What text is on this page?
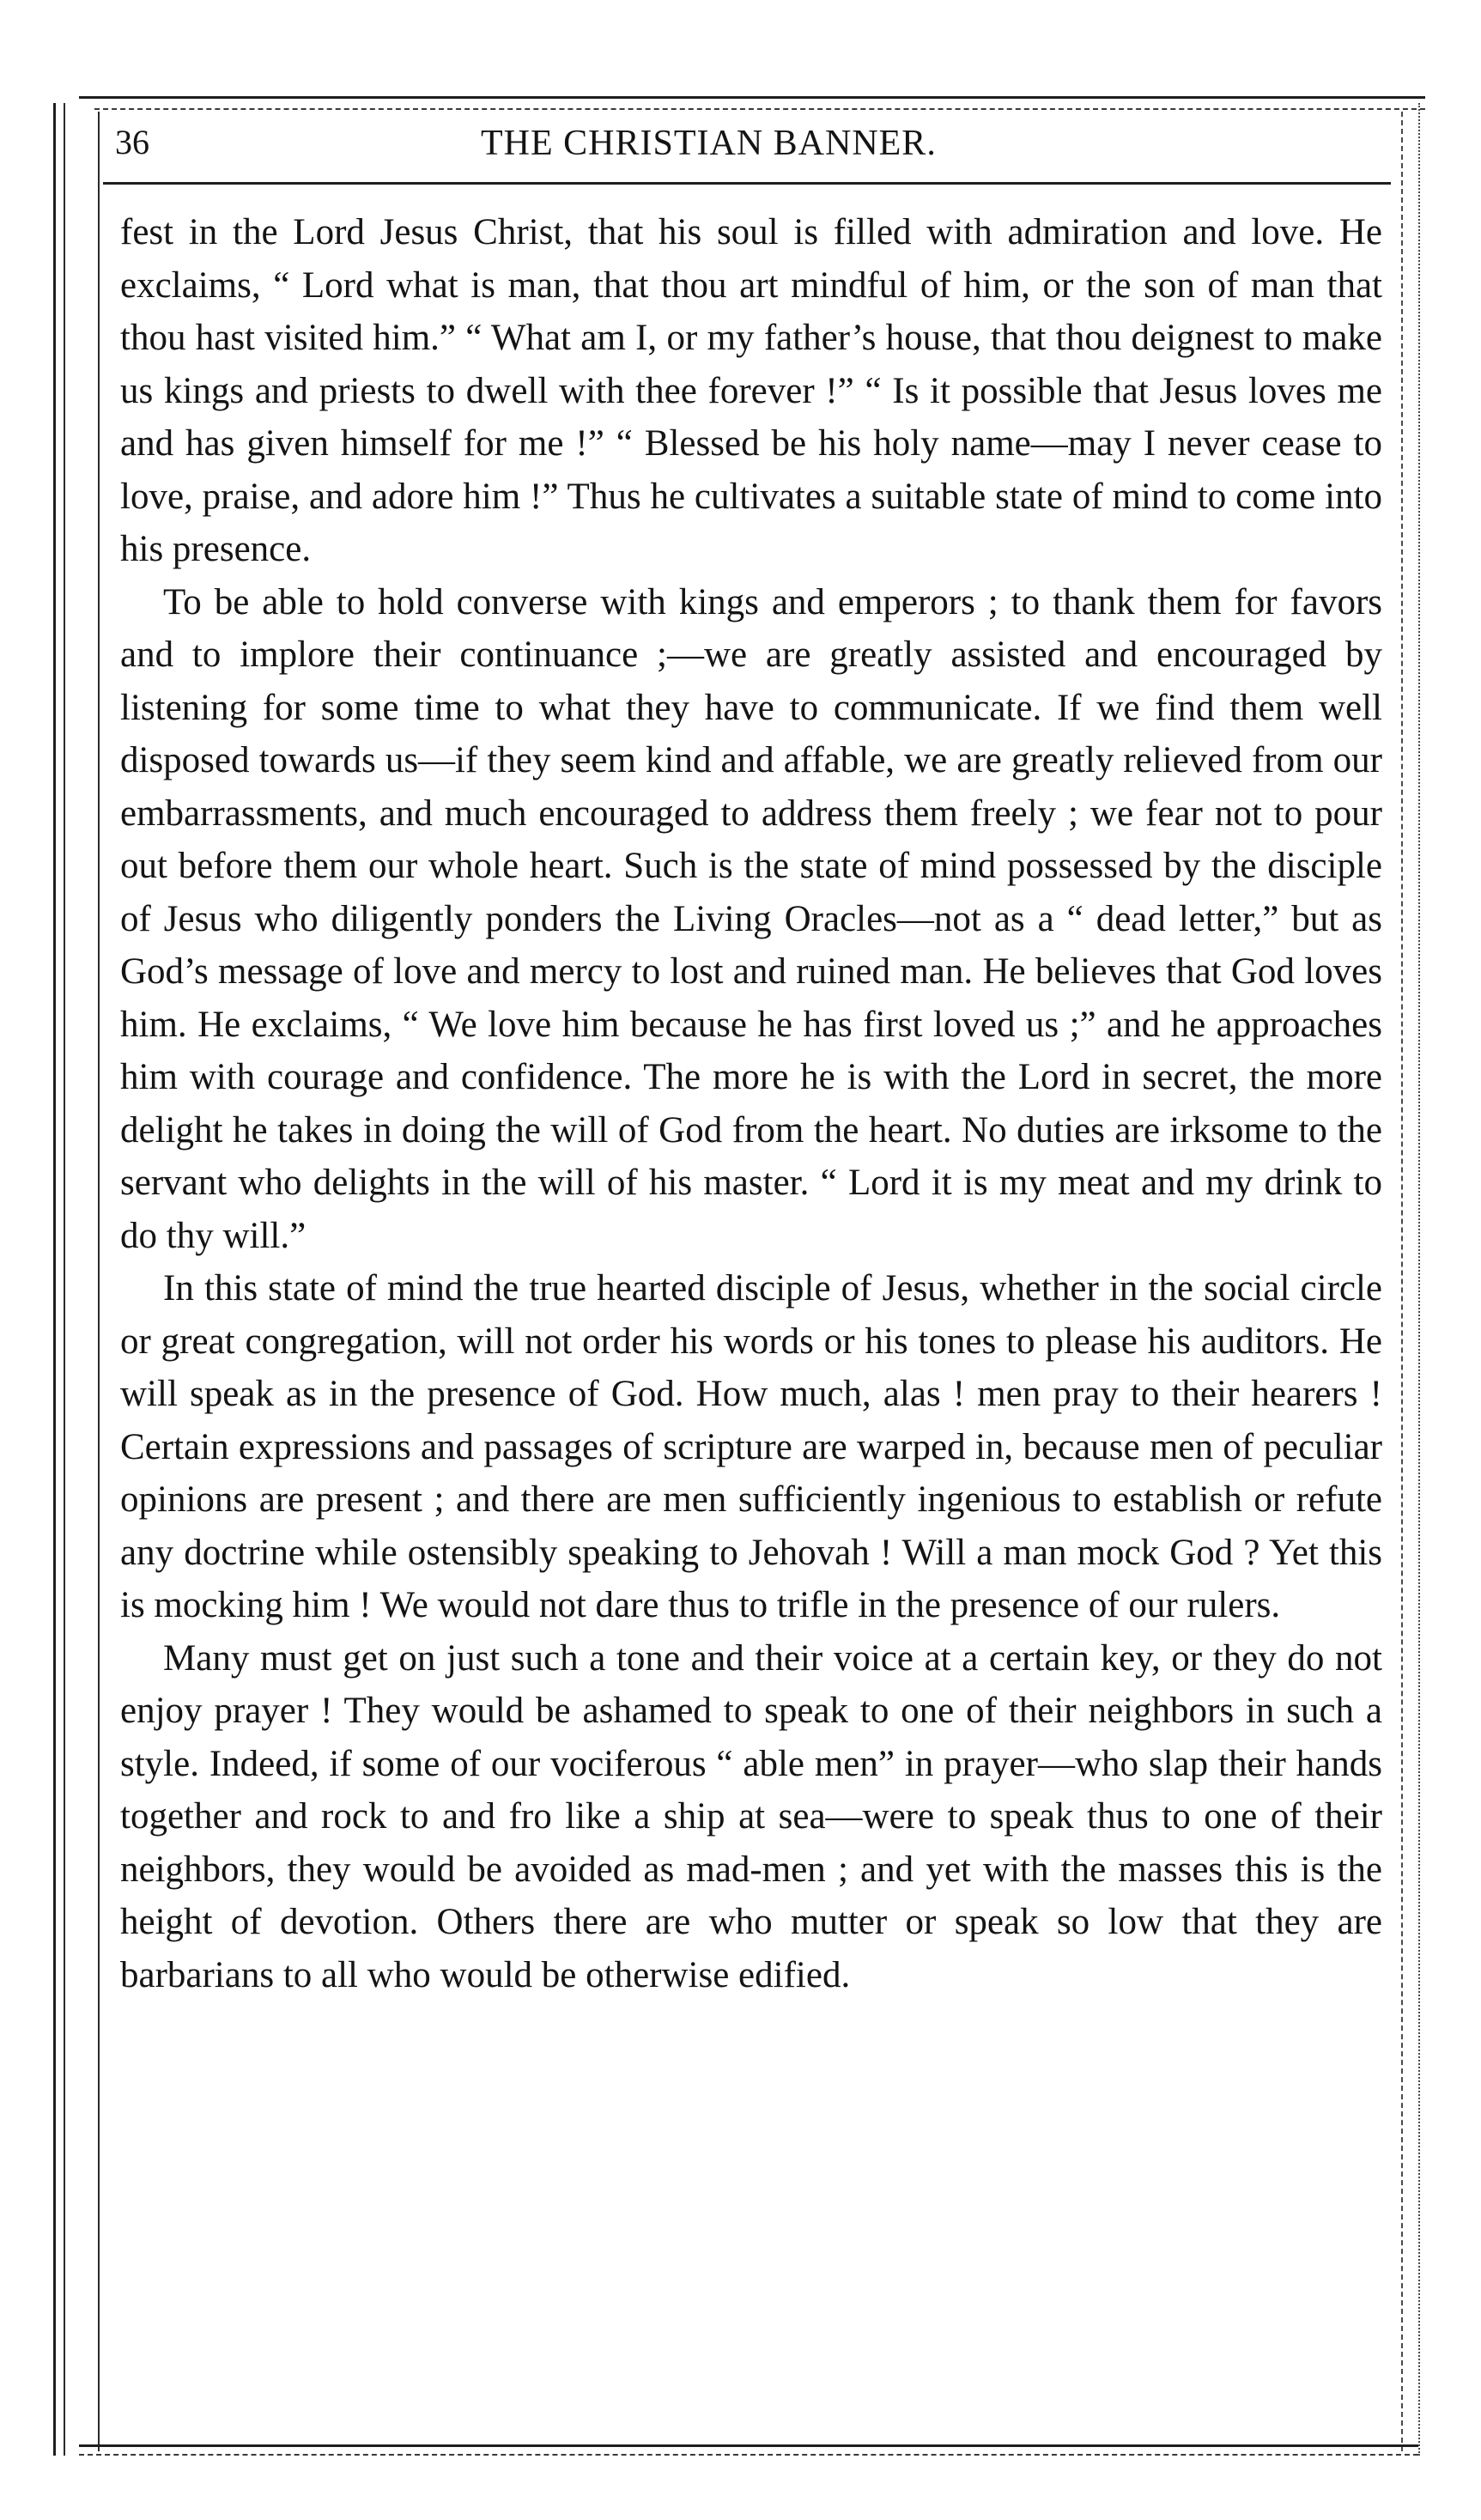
36	THE CHRISTIAN BANNER.

fest in the Lord Jesus Christ, that his soul is filled with admiration and love. He exclaims, “ Lord what is man, that thou art mindful of him, or the son of man that thou hast visited him.” “ What am I, or my father’s house, that thou deignest to make us kings and priests to dwell with thee forever !” “ Is it possible that Jesus loves me and has given himself for me !” “ Blessed be his holy name—may I never cease to love, praise, and adore him !” Thus he cultivates a suitable state of mind to come into his presence.

To be able to hold converse with kings and emperors ; to thank them for favors and to implore their continuance ;—we are greatly assisted and encouraged by listening for some time to what they have to communicate. If we find them well disposed towards us—if they seem kind and affable, we are greatly relieved from our embarrassments, and much encouraged to address them freely ; we fear not to pour out before them our whole heart. Such is the state of mind possessed by the disciple of Jesus who diligently ponders the Living Oracles—not as a “ dead letter,” but as God’s message of love and mercy to lost and ruined man. He believes that God loves him. He exclaims, “ We love him because he has first loved us ;” and he approaches him with courage and confidence. The more he is with the Lord in secret, the more delight he takes in doing the will of God from the heart. No duties are irksome to the servant who delights in the will of his master. “ Lord it is my meat and my drink to do thy will.”

In this state of mind the true hearted disciple of Jesus, whether in the social circle or great congregation, will not order his words or his tones to please his auditors. He will speak as in the presence of God. How much, alas ! men pray to their hearers ! Certain expressions and passages of scripture are warped in, because men of peculiar opinions are present ; and there are men sufficiently ingenious to establish or refute any doctrine while ostensibly speaking to Jehovah ! Will a man mock God ? Yet this is mocking him ! We would not dare thus to trifle in the presence of our rulers.

Many must get on just such a tone and their voice at a certain key, or they do not enjoy prayer ! They would be ashamed to speak to one of their neighbors in such a style. Indeed, if some of our vociferous “ able men” in prayer—who slap their hands together and rock to and fro like a ship at sea—were to speak thus to one of their neighbors, they would be avoided as mad-men ; and yet with the masses this is the height of devotion. Others there are who mutter or speak so low that they are barbarians to all who would be otherwise edified.
